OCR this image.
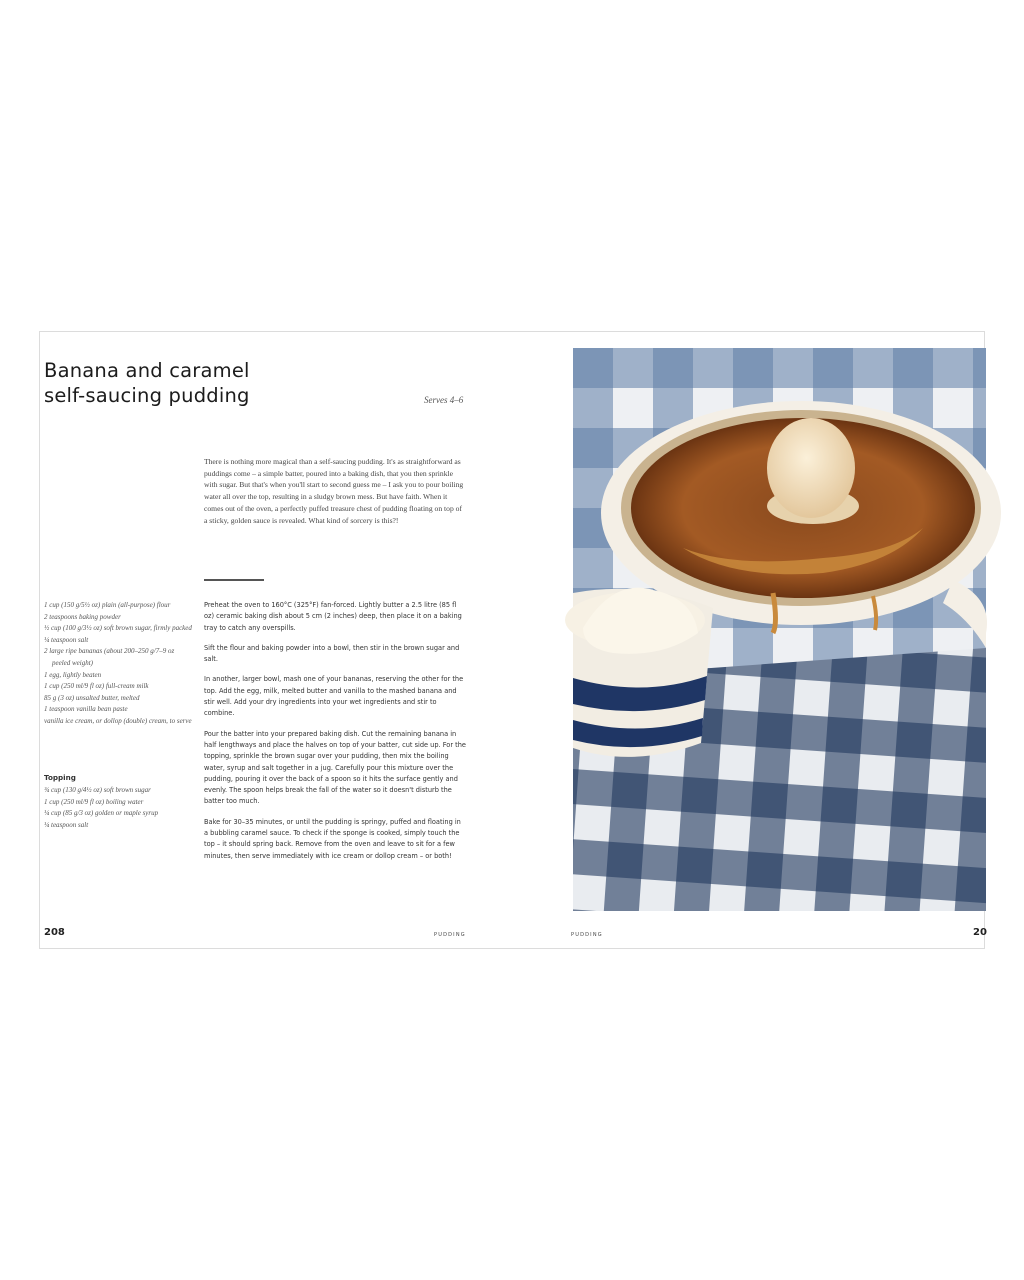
Banana and caramel self-saucing pudding	Serves 4–6

There is nothing more magical than a self-saucing pudding. It's as straightforward as puddings come – a simple batter, poured into a baking dish, that you then sprinkle with sugar. But that's when you'll start to second guess me – I ask you to pour boiling water all over the top, resulting in a sludgy brown mess. But have faith. When it comes out of the oven, a perfectly puffed treasure chest of pudding floating on top of a sticky, golden sauce is revealed. What kind of sorcery is this?!

1 cup (150 g/5½ oz) plain (all-purpose) flour
2 teaspoons baking powder
½ cup (100 g/3½ oz) soft brown sugar, firmly packed
¼ teaspoon salt
2 large ripe bananas (about 200–250 g/7–9 oz peeled weight)
1 egg, lightly beaten
1 cup (250 ml/9 fl oz) full-cream milk
85 g (3 oz) unsalted butter, melted
1 teaspoon vanilla bean paste
vanilla ice cream, or dollop (double) cream, to serve
Topping
¾ cup (130 g/4½ oz) soft brown sugar
1 cup (250 ml/9 fl oz) boiling water
¼ cup (85 g/3 oz) golden or maple syrup
¼ teaspoon salt

Preheat the oven to 160°C (325°F) fan-forced. Lightly butter a 2.5 litre (85 fl oz) ceramic baking dish about 5 cm (2 inches) deep, then place it on a baking tray to catch any overspills.

Sift the flour and baking powder into a bowl, then stir in the brown sugar and salt.

In another, larger bowl, mash one of your bananas, reserving the other for the top. Add the egg, milk, melted butter and vanilla to the mashed banana and stir well. Add your dry ingredients into your wet ingredients and stir to combine.

Pour the batter into your prepared baking dish. Cut the remaining banana in half lengthways and place the halves on top of your batter, cut side up. For the topping, sprinkle the brown sugar over your pudding, then mix the boiling water, syrup and salt together in a jug. Carefully pour this mixture over the pudding, pouring it over the back of a spoon so it hits the surface gently and evenly. The spoon helps break the fall of the water so it doesn't disturb the batter too much.

Bake for 30–35 minutes, or until the pudding is springy, puffed and floating in a bubbling caramel sauce. To check if the sponge is cooked, simply touch the top – it should spring back. Remove from the oven and leave to sit for a few minutes, then serve immediately with ice cream or dollop cream – or both!

208	PUDDING	PUDDING	20
